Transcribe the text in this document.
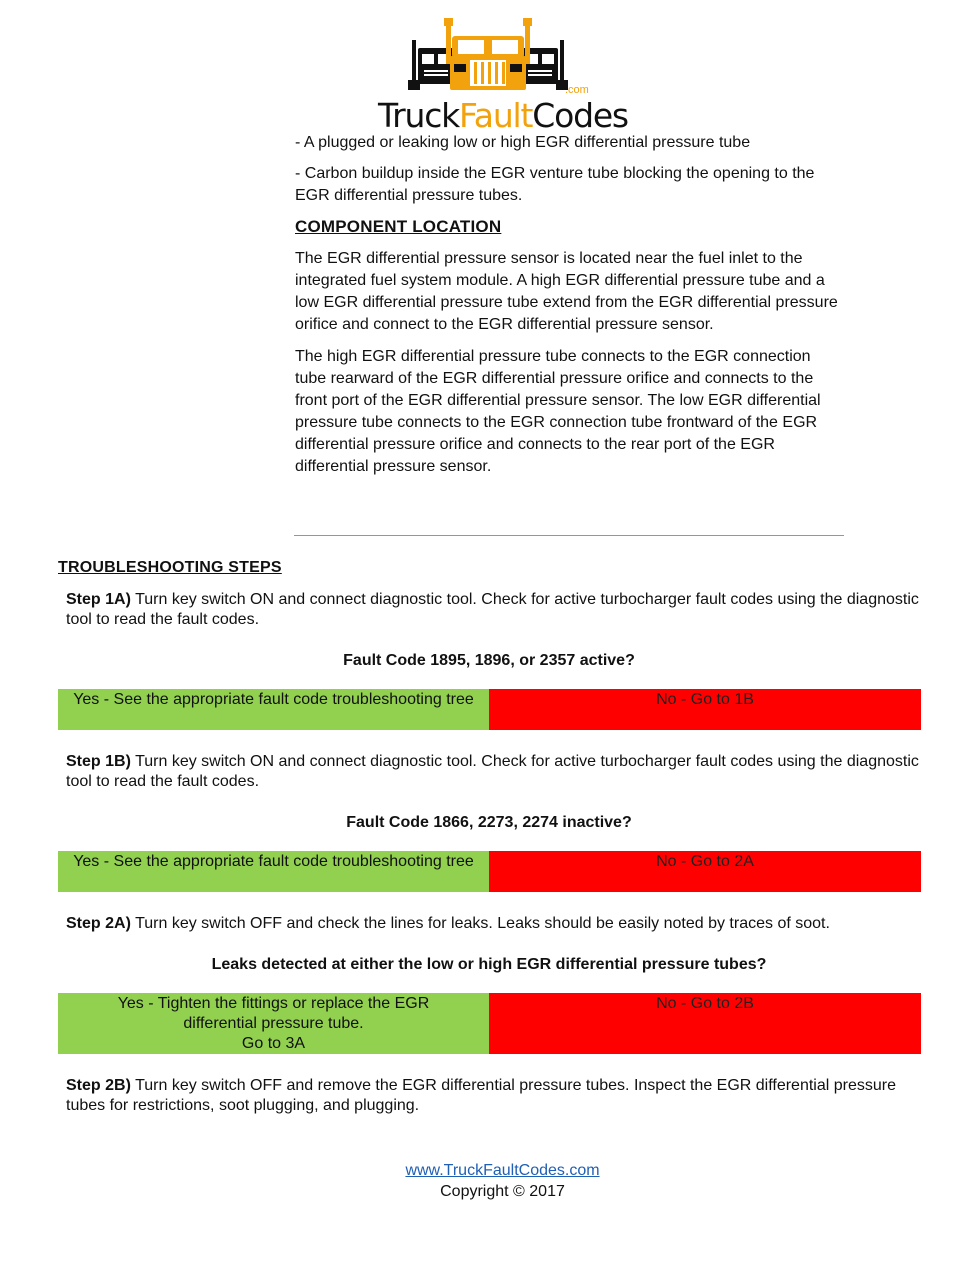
.com
TruckFaultCodes
- A plugged or leaking low or high EGR differential pressure tube
- Carbon buildup inside the EGR venture tube blocking the opening to the EGR differential pressure tubes.
COMPONENT LOCATION
The EGR differential pressure sensor is located near the fuel inlet to the integrated fuel system module. A high EGR differential pressure tube and a low EGR differential pressure tube extend from the EGR differential pressure orifice and connect to the EGR differential pressure sensor.
The high EGR differential pressure tube connects to the EGR connection tube rearward of the EGR differential pressure orifice and connects to the front port of the EGR differential pressure sensor. The low EGR differential pressure tube connects to the EGR connection tube frontward of the EGR differential pressure orifice and connects to the rear port of the EGR differential pressure sensor.
TROUBLESHOOTING STEPS
Step 1A) Turn key switch ON and connect diagnostic tool. Check for active turbocharger fault codes using the diagnostic tool to read the fault codes.
Fault Code 1895, 1896, or 2357 active?
Yes - See the appropriate fault code troubleshooting tree	No - Go to 1B
Step 1B) Turn key switch ON and connect diagnostic tool. Check for active turbocharger fault codes using the diagnostic tool to read the fault codes.
Fault Code 1866, 2273, 2274 inactive?
Yes - See the appropriate fault code troubleshooting tree	No - Go to 2A
Step 2A) Turn key switch OFF and check the lines for leaks. Leaks should be easily noted by traces of soot.
Leaks detected at either the low or high EGR differential pressure tubes?
Yes - Tighten the fittings or replace the EGR
differential pressure tube.
Go to 3A
No - Go to 2B
Step 2B) Turn key switch OFF and remove the EGR differential pressure tubes. Inspect the EGR differential pressure tubes for restrictions, soot plugging, and plugging.
www.TruckFaultCodes.com
Copyright © 2017
